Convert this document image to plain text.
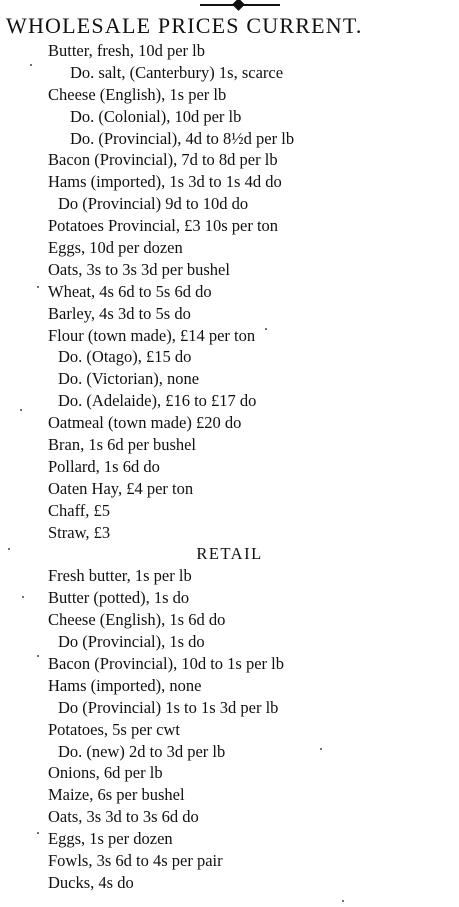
WHOLESALE PRICES CURRENT.
Butter, fresh, 10d per lb
Do. salt, (Canterbury) 1s, scarce
Cheese (English), 1s per lb
Do. (Colonial), 10d per lb
Do. (Provincial), 4d to 8½d per lb
Bacon (Provincial), 7d to 8d per lb
Hams (imported), 1s 3d to 1s 4d do
Do (Provincial) 9d to 10d do
Potatoes Provincial, £3 10s per ton
Eggs, 10d per dozen
Oats, 3s to 3s 3d per bushel
Wheat, 4s 6d to 5s 6d do
Barley, 4s 3d to 5s do
Flour (town made), £14 per ton
Do. (Otago), £15 do
Do. (Victorian), none
Do. (Adelaide), £16 to £17 do
Oatmeal (town made) £20 do
Bran, 1s 6d per bushel
Pollard, 1s 6d do
Oaten Hay, £4 per ton
Chaff, £5
Straw, £3
RETAIL
Fresh butter, 1s per lb
Butter (potted), 1s do
Cheese (English), 1s 6d do
Do (Provincial), 1s do
Bacon (Provincial), 10d to 1s per lb
Hams (imported), none
Do (Provincial) 1s to 1s 3d per lb
Potatoes, 5s per cwt
Do. (new) 2d to 3d per lb
Onions, 6d per lb
Maize, 6s per bushel
Oats, 3s 3d to 3s 6d do
Eggs, 1s per dozen
Fowls, 3s 6d to 4s per pair
Ducks, 4s do
